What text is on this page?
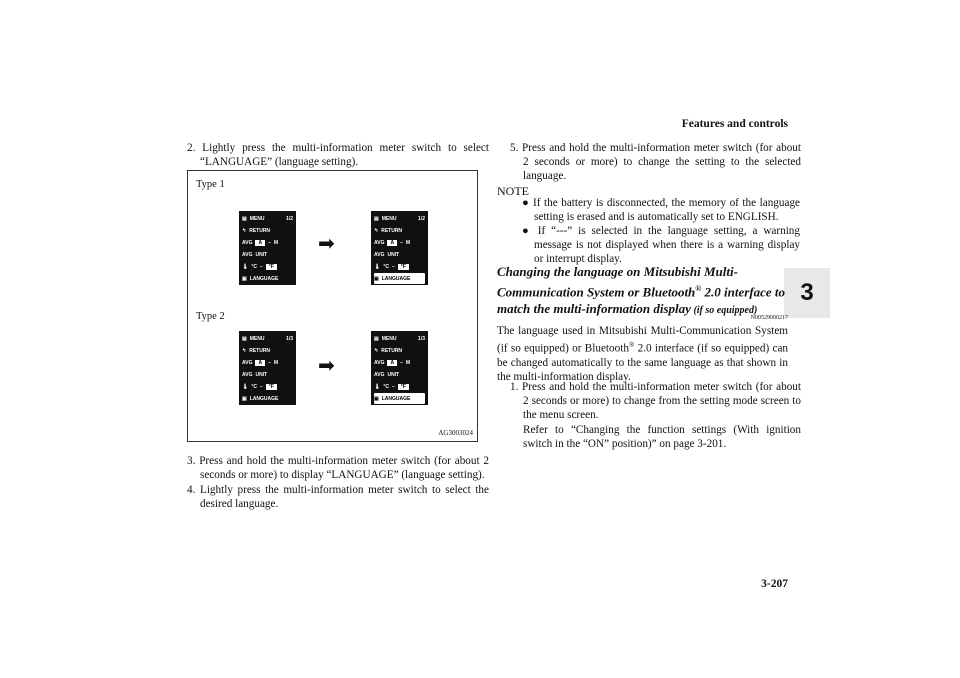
Features and controls
3
2. Lightly press the multi-information meter switch to select “LANGUAGE” (language setting).
Type 1
Type 2
▤ MENU	1/2
↰ RETURN
AVG	A	– M
AVG UNIT
🌡 °C –	°F
▣ LANGUAGE
➡
▤ MENU	1/2
↰ RETURN
AVG	A	– M
AVG UNIT
🌡 °C –	°F
▣ LANGUAGE
▤ MENU	1/3
↰ RETURN
AVG	A	– M
AVG UNIT
🌡 °C –	°F
▣ LANGUAGE
➡
▤ MENU	1/3
↰ RETURN
AVG	A	– M
AVG UNIT
🌡 °C –	°F
▣ LANGUAGE
AG3003024
3. Press and hold the multi-information meter switch (for about 2 seconds or more) to display “LANGUAGE” (language setting).
4. Lightly press the multi-information meter switch to select the desired language.
5. Press and hold the multi-information meter switch (for about 2 seconds or more) to change the setting to the selected language.
NOTE
● If the battery is disconnected, the memory of the language setting is erased and is automatically set to ENGLISH.
● If “---” is selected in the language setting, a warning message is not displayed when there is a warning display or interrupt display.
Changing the language on Mitsubishi Multi-Communication System or Bluetooth® 2.0 interface to match the multi-information display (if so equipped)
N00529000217
The language used in Mitsubishi Multi-Communication System (if so equipped) or Bluetooth® 2.0 interface (if so equipped) can be changed automatically to the same language as that shown in the multi-information display.
1. Press and hold the multi-information meter switch (for about 2 seconds or more) to change from the setting mode screen to the menu screen.
Refer to “Changing the function settings (With ignition switch in the “ON” position)” on page 3-201.
3-207
